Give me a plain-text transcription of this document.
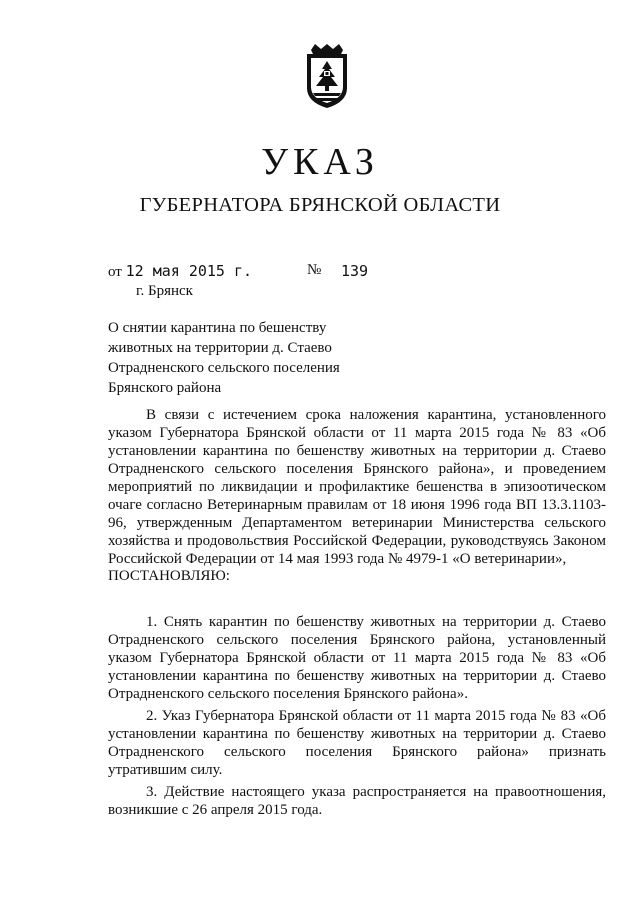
УКАЗ
ГУБЕРНАТОРА БРЯНСКОЙ ОБЛАСТИ
от 12 мая 2015 г.	№ 139
г. Брянск
О снятии карантина по бешенству
животных на территории д. Стаево
Отрадненского сельского поселения
Брянского района

В связи с истечением срока наложения карантина, установленного указом Губернатора Брянской области от 11 марта 2015 года № 83 «Об установлении карантина по бешенству животных на территории д. Стаево Отрадненского сельского поселения Брянского района», и проведением мероприятий по ликвидации и профилактике бешенства в эпизоотическом очаге согласно Ветеринарным правилам от 18 июня 1996 года ВП 13.3.1103-96, утвержденным Департаментом ветеринарии Министерства сельского хозяйства и продовольствия Российской Федерации, руководствуясь Законом Российской Федерации от 14 мая 1993 года № 4979-1 «О ветеринарии»,

ПОСТАНОВЛЯЮ:

1. Снять карантин по бешенству животных на территории д. Стаево Отрадненского сельского поселения Брянского района, установленный указом Губернатора Брянской области от 11 марта 2015 года № 83 «Об установлении карантина по бешенству животных на территории д. Стаево Отрадненского сельского поселения Брянского района».

2. Указ Губернатора Брянской области от 11 марта 2015 года № 83 «Об установлении карантина по бешенству животных на территории д. Стаево Отрадненского сельского поселения Брянского района» признать утратившим силу.

3. Действие настоящего указа распространяется на правоотношения, возникшие с 26 апреля 2015 года.
